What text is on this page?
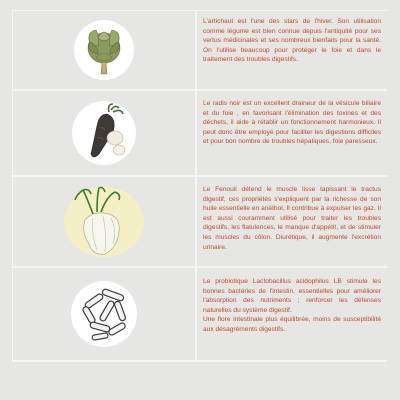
L'artichaut est l'une des stars de l'hiver. Son utilisation comme légume est bien connue depuis l'antiquité pour ses vertus médicinales et ses nombreux bienfaits pour la santé. On l'utilise beaucoup pour protéger le foie et dans le traitement des troubles digestifs.

Le radis noir est un excellent draineur de la vésicule biliaire et du foie , en favorisant l'élimination des toxines et des déchets, il aide à rétablir un fonctionnement harmonieux. Il peut donc être employé pour faciliter les digestions difficiles et pour bon nombre de troubles hépatiques, foie paresseux.

Le Fenouil détend le muscle lisse tapissant le tractus digestif, ces propriétés s'expliquent par la richesse de son huile essentielle en anéthol. Il contribue à expulser les gaz. Il est aussi couramment utilisé pour traiter les troubles digestifs, les flatulences, le manque d'appétit, et de stimuler les muscles du côlon. Diurétique, il augmente l'excrétion urinaire.

Le probiotique Lactobacillus acidophilus LB stimule les bonnes bactéries de l'intestin, essentielles pour améliorer l'absorption des nutriments ; renforcer les défenses naturelles du système digestif.
Une flore intestinale plus équilibrée, moins de susceptibilité aux désagréments digestifs.
